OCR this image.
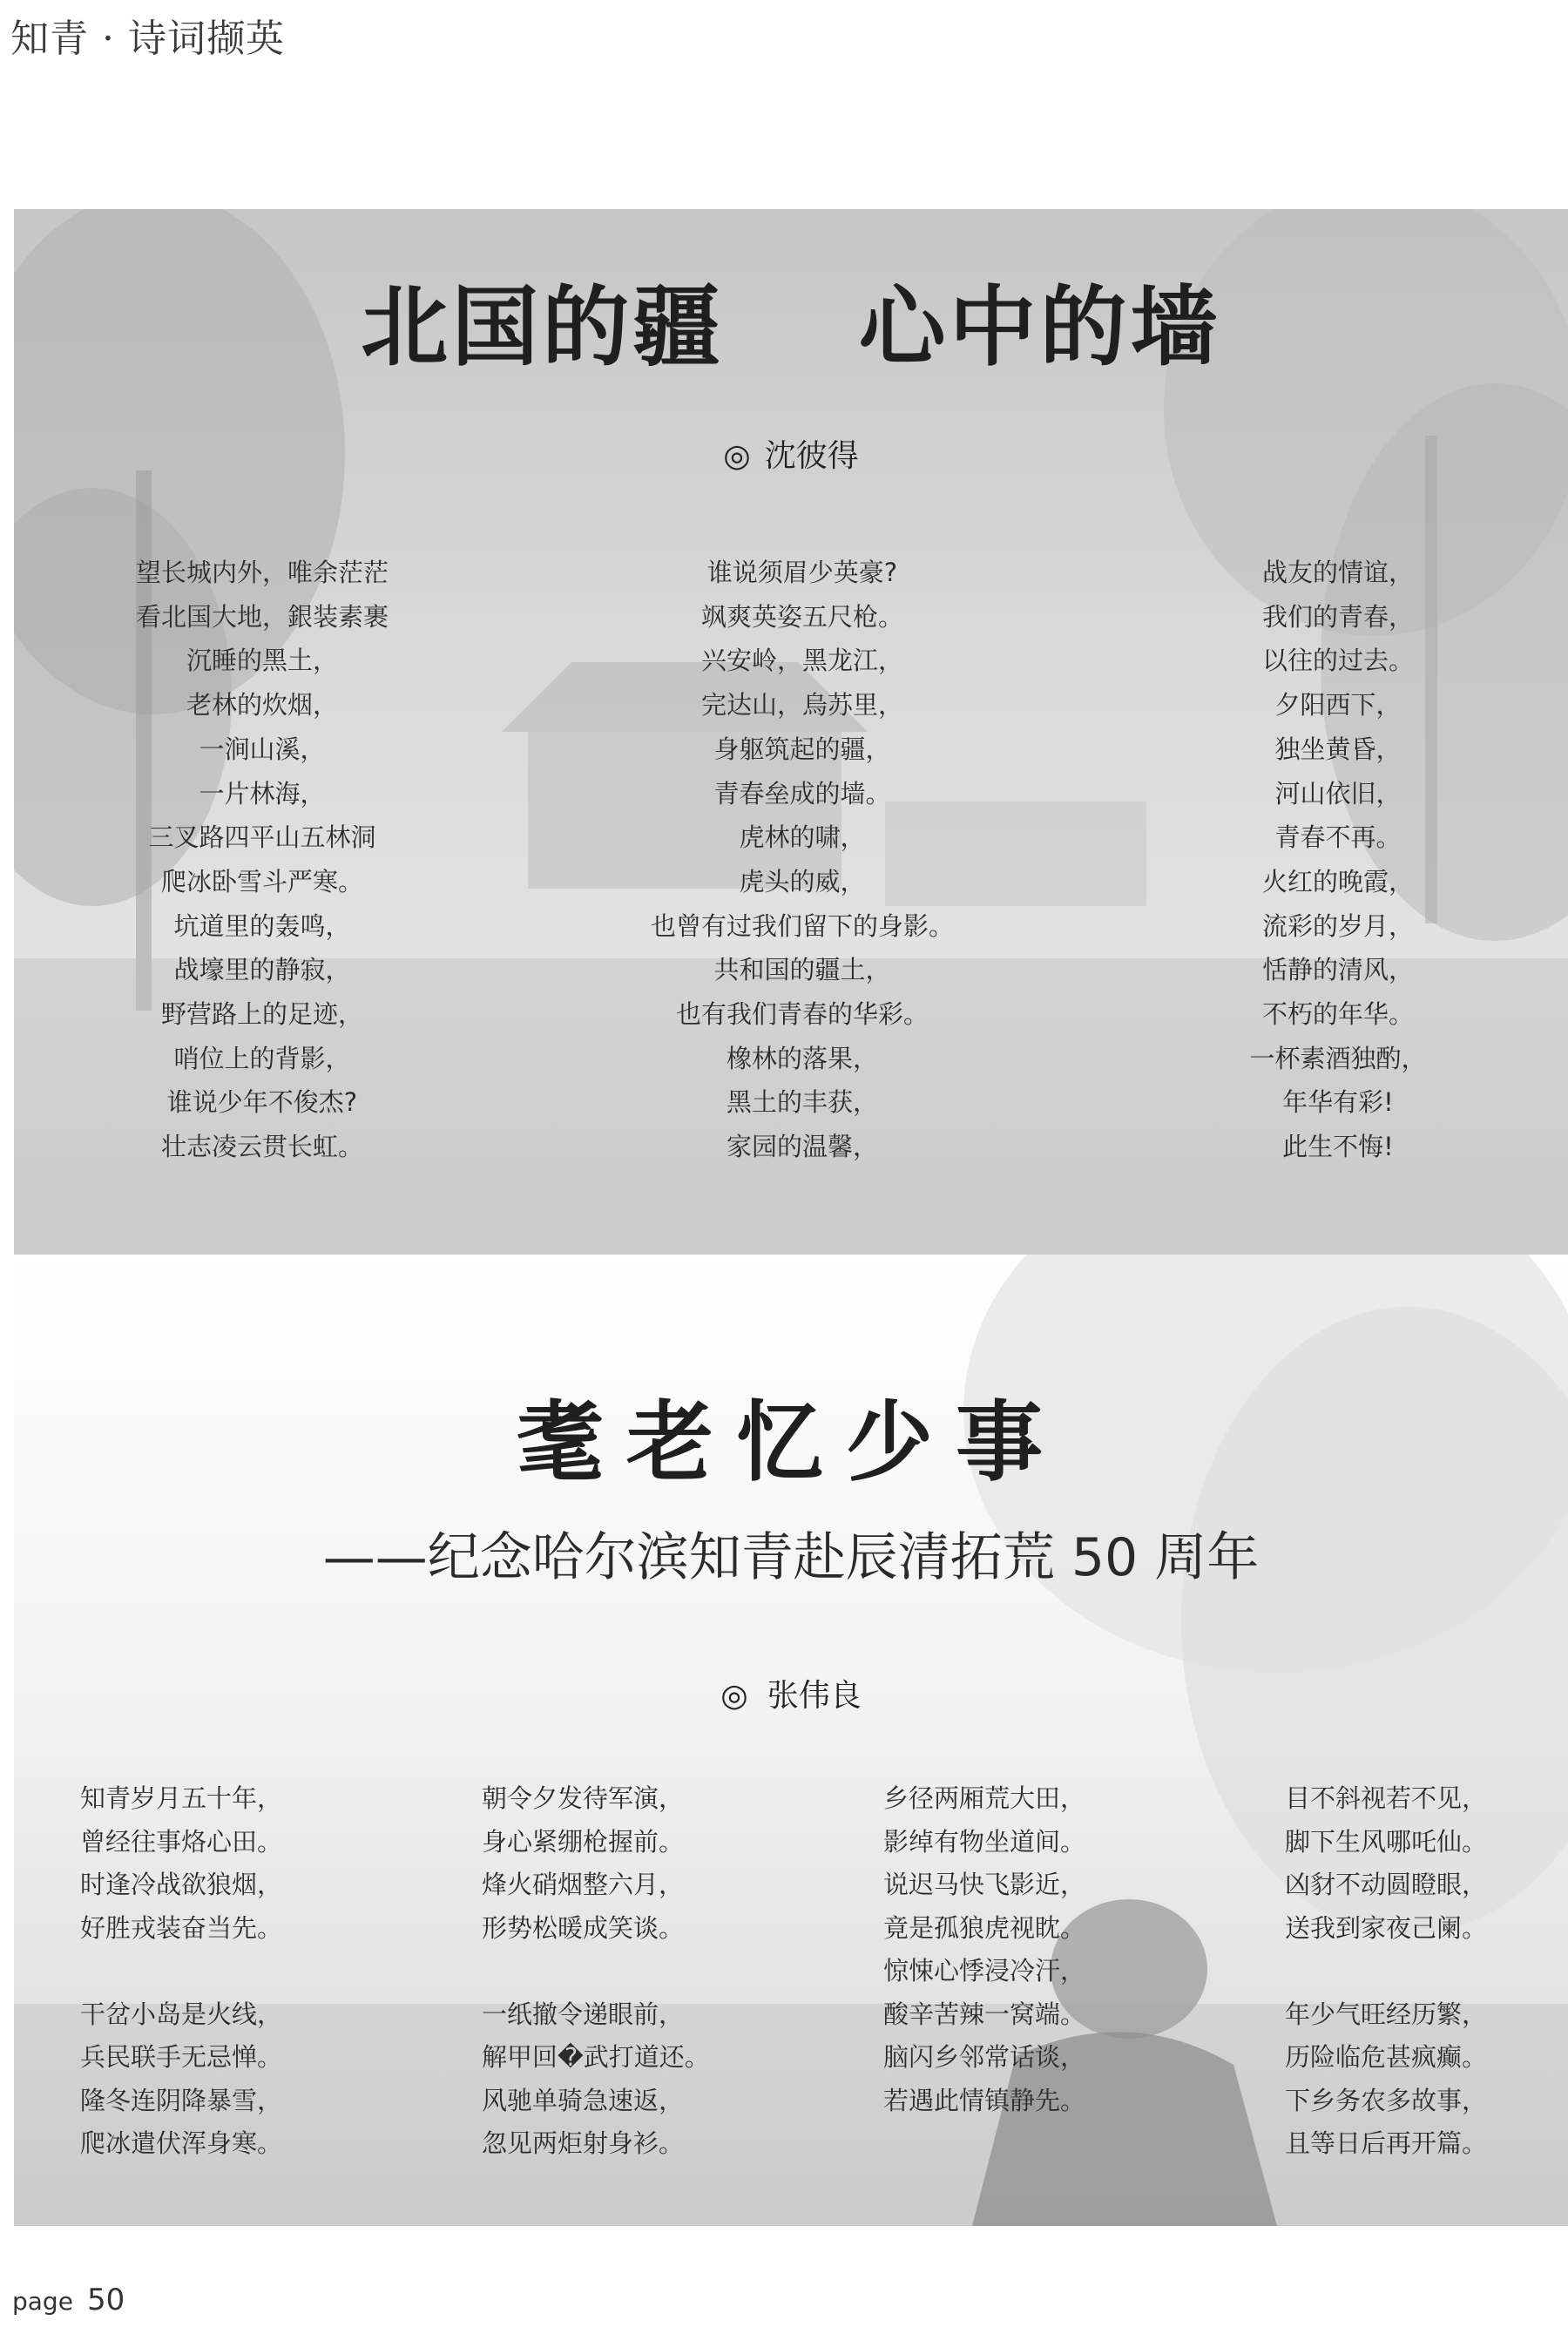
知青 · 诗词撷英
北国的疆 心中的墙
◎ 沈彼得
望长城内外，唯余茫茫
看北国大地，銀装素裹
沉睡的黑土，
老林的炊烟，
一涧山溪，
一片林海，
三叉路四平山五林洞
爬冰卧雪斗严寒。
坑道里的轰鸣，
战壕里的静寂，
野营路上的足迹，
哨位上的背影，
谁说少年不俊杰?
壮志凌云贯长虹。
谁说须眉少英豪?
飒爽英姿五尺枪。
兴安岭，黑龙江，
完达山，烏苏里，
身躯筑起的疆，
青春垒成的墙。
虎林的啸，
虎头的威，
也曾有过我们留下的身影。
共和国的疆土，
也有我们青春的华彩。
橡林的落果，
黑土的丰获，
家园的温馨，
战友的情谊，
我们的青春，
以往的过去。
夕阳西下，
独坐黄昏，
河山依旧，
青春不再。
火红的晚霞，
流彩的岁月，
恬静的清风，
不朽的年华。
一杯素酒独酌，
年华有彩!
此生不悔!
耄老忆少事
——纪念哈尔滨知青赴辰清拓荒 50 周年
◎ 张伟良
知青岁月五十年，
曾经往事烙心田。
时逢冷战欲狼烟，
好胜戎装奋当先。
干岔小岛是火线，
兵民联手无忌惮。
隆冬连阴降暴雪，
爬冰遣伏浑身寒。
朝令夕发待军演，
身心紧绷枪握前。
烽火硝烟整六月，
形势松暖成笑谈。
一纸撤令递眼前，
解甲回�武打道还。
风驰单骑急速返，
忽见两炬射身衫。
乡径两厢荒大田，
影绰有物坐道间。
说迟马快飞影近，
竟是孤狼虎视眈。
惊悚心悸浸冷汗，
酸辛苦辣一窝端。
脑闪乡邻常话谈，
若遇此情镇静先。
目不斜视若不见，
脚下生风哪吒仙。
凶豺不动圆瞪眼，
送我到家夜己阑。
年少气旺经历繁，
历险临危甚疯癫。
下乡务农多故事，
且等日后再开篇。
page 50
